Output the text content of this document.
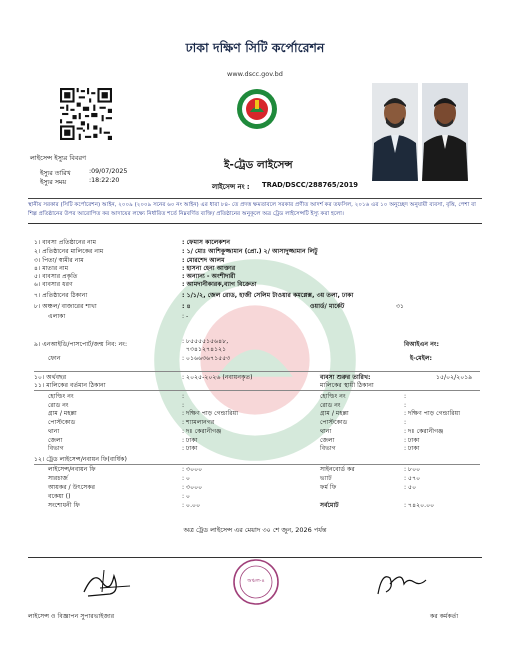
ঢাকা দক্ষিণ সিটি কর্পোরেশন
www.dscc.gov.bd
লাইসেন্স ইস্যুর বিবরণ
ইস্যুর তারিখ	:09/07/2025
ইস্যুর সময়	:18:22:20
ই-ট্রেড লাইসেন্স
লাইসেন্স নং : TRAD/DSCC/288765/2019
স্থানীয় সরকার (সিটি কর্পোরেশন) আইন, ২০০৯ (২০০৯ সনের ৬০ নং আইন) এর ধারা ৮৪- তে প্রদত্ত ক্ষমতাবলে সরকার প্রণীত আদর্শ কর তফসিল, ২০১৬ এর ১০ অনুচ্ছেদ অনুযায়ী ব্যবসা, বৃত্তি, পেশা বা শিল্প প্রতিষ্ঠানের উপর আরোপিত কর আদায়ের লক্ষ্যে নির্ধারিত শর্তে নিম্নবর্ণিত ব্যক্তি/ প্রতিষ্ঠানের অনুকূলে অত্র ট্রেড লাইসেন্সটি ইস্যু করা হলো।
১। ব্যবসা প্রতিষ্ঠানের নাম	: ফেমাস কালেকশন
২। প্রতিষ্ঠানের মালিকের নাম	: ১/ মোঃ আশিকুজ্জামান (প্রো.) ২/ আসাদুজ্জামান লিটু
৩। পিতা/ স্বামীর নাম	: মোরশেদ আলম
৪। মাতার নাম	: হাসনা হেনা আক্তার
৫। ব্যবসার প্রকৃতি	: অন্যান্য - অংশীদারী
৬। ব্যবসার ধরণ	: আমদানীকারক,ব্যাগ বিক্রেতা
৭। প্রতিষ্ঠানের ঠিকানা	: ১/১/২, জেল রোড, হাজী সেলিম টাওয়ার কমপ্লেক্স, ৩য় তলা, ঢাকা
৮। অঞ্চল/ বাজারের শাখা	: ৪	ওয়ার্ড/ মার্কেট	৩১
এলাকা	: -
৯। এনআইডি/পাসপোর্ট/জন্ম নিব: নং:	: ৮৫৫৫৫১৫৬৪৮,
৭৩৪১২৭৪১২১
বিআইএন নং:
ফোন	: ০১৬৬৩৬৭১৫৫৩	ই-মেইল:
১০। অর্থবছর	: ২০২৫-২০২৬ (নবায়নকৃত)	ব্যবসা শুরুর তারিখ:	১৫/০২/২০১৯
১১। মালিকের বর্তমান ঠিকানা	মালিকের স্থায়ী ঠিকানা
হোল্ডিং নং	:	হোল্ডিং নং	:
রোড নং	:	রোড নং	:
গ্রাম / মহল্লা	: দক্ষিণ পাড় গেন্ডারিয়া	গ্রাম / মহল্লা	: দক্ষিণ পাড় গেন্ডারিয়া
পোস্টকোড	: শ্যামলানগর	পোস্টকোড	:
থানা	: দঃ কেরানীগঞ্জ	থানা	: দঃ কেরানীগঞ্জ
জেলা	: ঢাকা	জেলা	: ঢাকা
বিভাগ	: ঢাকা	বিভাগ	: ঢাকা
১২। ট্রেড লাইসেন্স/নবায়ন ফি(বার্ষিক)
লাইসেন্স/নবায়ন ফি	: ৩০০০	সাইনবোর্ড কর	: ৮০০
সারচার্জ	: ০	ভ্যাট	: ৫৭০
আয়কর / উৎসেকর	: ৩০০০	ফর্ম ফি	: ৫০
বকেয়া ()	: ০
সংশোধনী ফি	: ০.০০	সর্বমোট	: ৭৪২০.০০
অত্র ট্রেড লাইসেন্স এর মেয়াদ ৩০ শে জুন, 2026 পর্যন্ত
অঞ্চল-৪
লাইসেন্স ও বিজ্ঞাপন সুপারভাইজার	কর কর্মকর্তা
